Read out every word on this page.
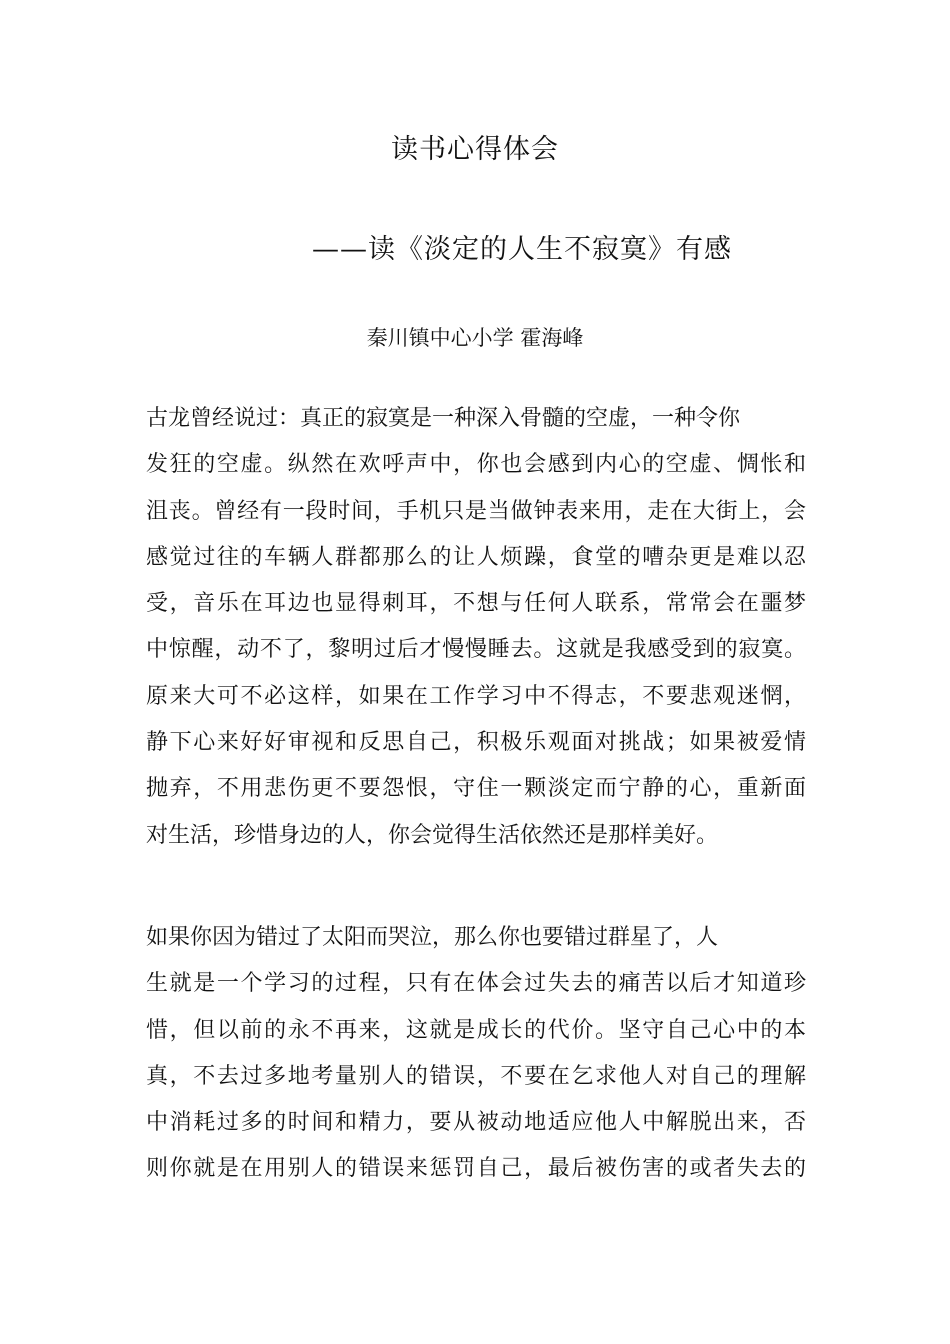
读书心得体会
——读《淡定的人生不寂寞》有感
秦川镇中心小学 霍海峰

古龙曾经说过：真正的寂寞是一种深入骨髓的空虚，一种令你
发狂的空虚。纵然在欢呼声中，你也会感到内心的空虚、惆怅和
沮丧。曾经有一段时间，手机只是当做钟表来用，走在大街上，会
感觉过往的车辆人群都那么的让人烦躁，食堂的嘈杂更是难以忍
受，音乐在耳边也显得刺耳，不想与任何人联系，常常会在噩梦
中惊醒，动不了，黎明过后才慢慢睡去。这就是我感受到的寂寞。
原来大可不必这样，如果在工作学习中不得志，不要悲观迷惘，
静下心来好好审视和反思自己，积极乐观面对挑战；如果被爱情
抛弃，不用悲伤更不要怨恨，守住一颗淡定而宁静的心，重新面
对生活，珍惜身边的人，你会觉得生活依然还是那样美好。

如果你因为错过了太阳而哭泣，那么你也要错过群星了，人
生就是一个学习的过程，只有在体会过失去的痛苦以后才知道珍
惜，但以前的永不再来，这就是成长的代价。坚守自己心中的本
真，不去过多地考量别人的错误，不要在乞求他人对自己的理解
中消耗过多的时间和精力，要从被动地适应他人中解脱出来，否
则你就是在用别人的错误来惩罚自己，最后被伤害的或者失去的
